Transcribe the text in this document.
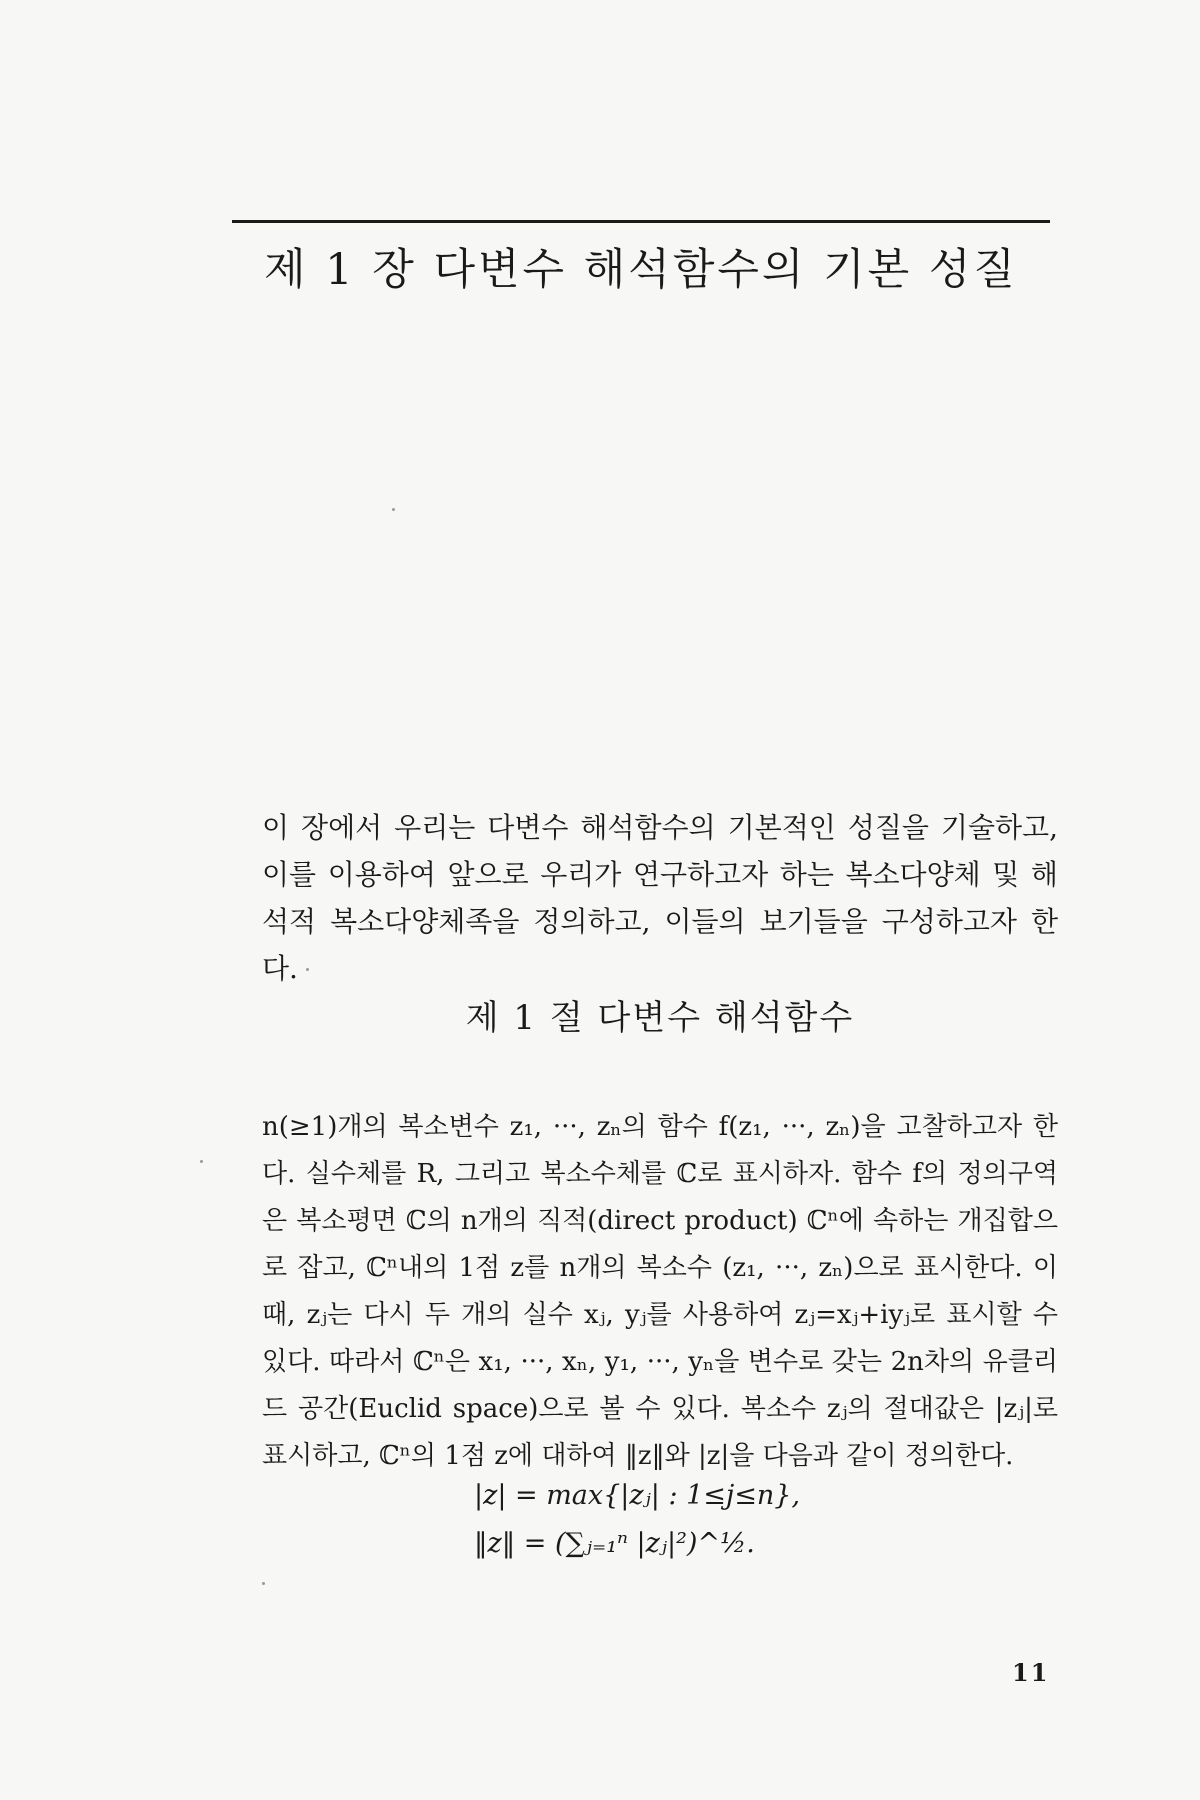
제 1 장 다변수 해석함수의 기본 성질

이 장에서 우리는 다변수 해석함수의 기본적인 성질을 기술하고, 이를 이용하여 앞으로 우리가 연구하고자 하는 복소다양체 및 해석적 복소다양체족을 정의하고, 이들의 보기들을 구성하고자 한다.

제 1 절 다변수 해석함수

n(≥1)개의 복소변수 z₁, ···, zₙ의 함수 f(z₁, ···, zₙ)을 고찰하고자 한다. 실수체를 R, 그리고 복소수체를 ℂ로 표시하자. 함수 f의 정의구역은 복소평면 ℂ의 n개의 직적(direct product) ℂⁿ에 속하는 개집합으로 잡고, ℂⁿ내의 1점 z를 n개의 복소수 (z₁, ···, zₙ)으로 표시한다. 이때, zⱼ는 다시 두 개의 실수 xⱼ, yⱼ를 사용하여 zⱼ=xⱼ+iyⱼ로 표시할 수 있다. 따라서 ℂⁿ은 x₁, ···, xₙ, y₁, ···, yₙ을 변수로 갖는 2n차의 유클리드 공간(Euclid space)으로 볼 수 있다. 복소수 zⱼ의 절대값은 |zⱼ|로 표시하고, ℂⁿ의 1점 z에 대하여 ‖z‖와 |z|을 다음과 같이 정의한다.

|z| = max{|zⱼ| : 1≤j≤n},
‖z‖ = (∑ⱼ₌₁ⁿ |zⱼ|²)^½.
11
